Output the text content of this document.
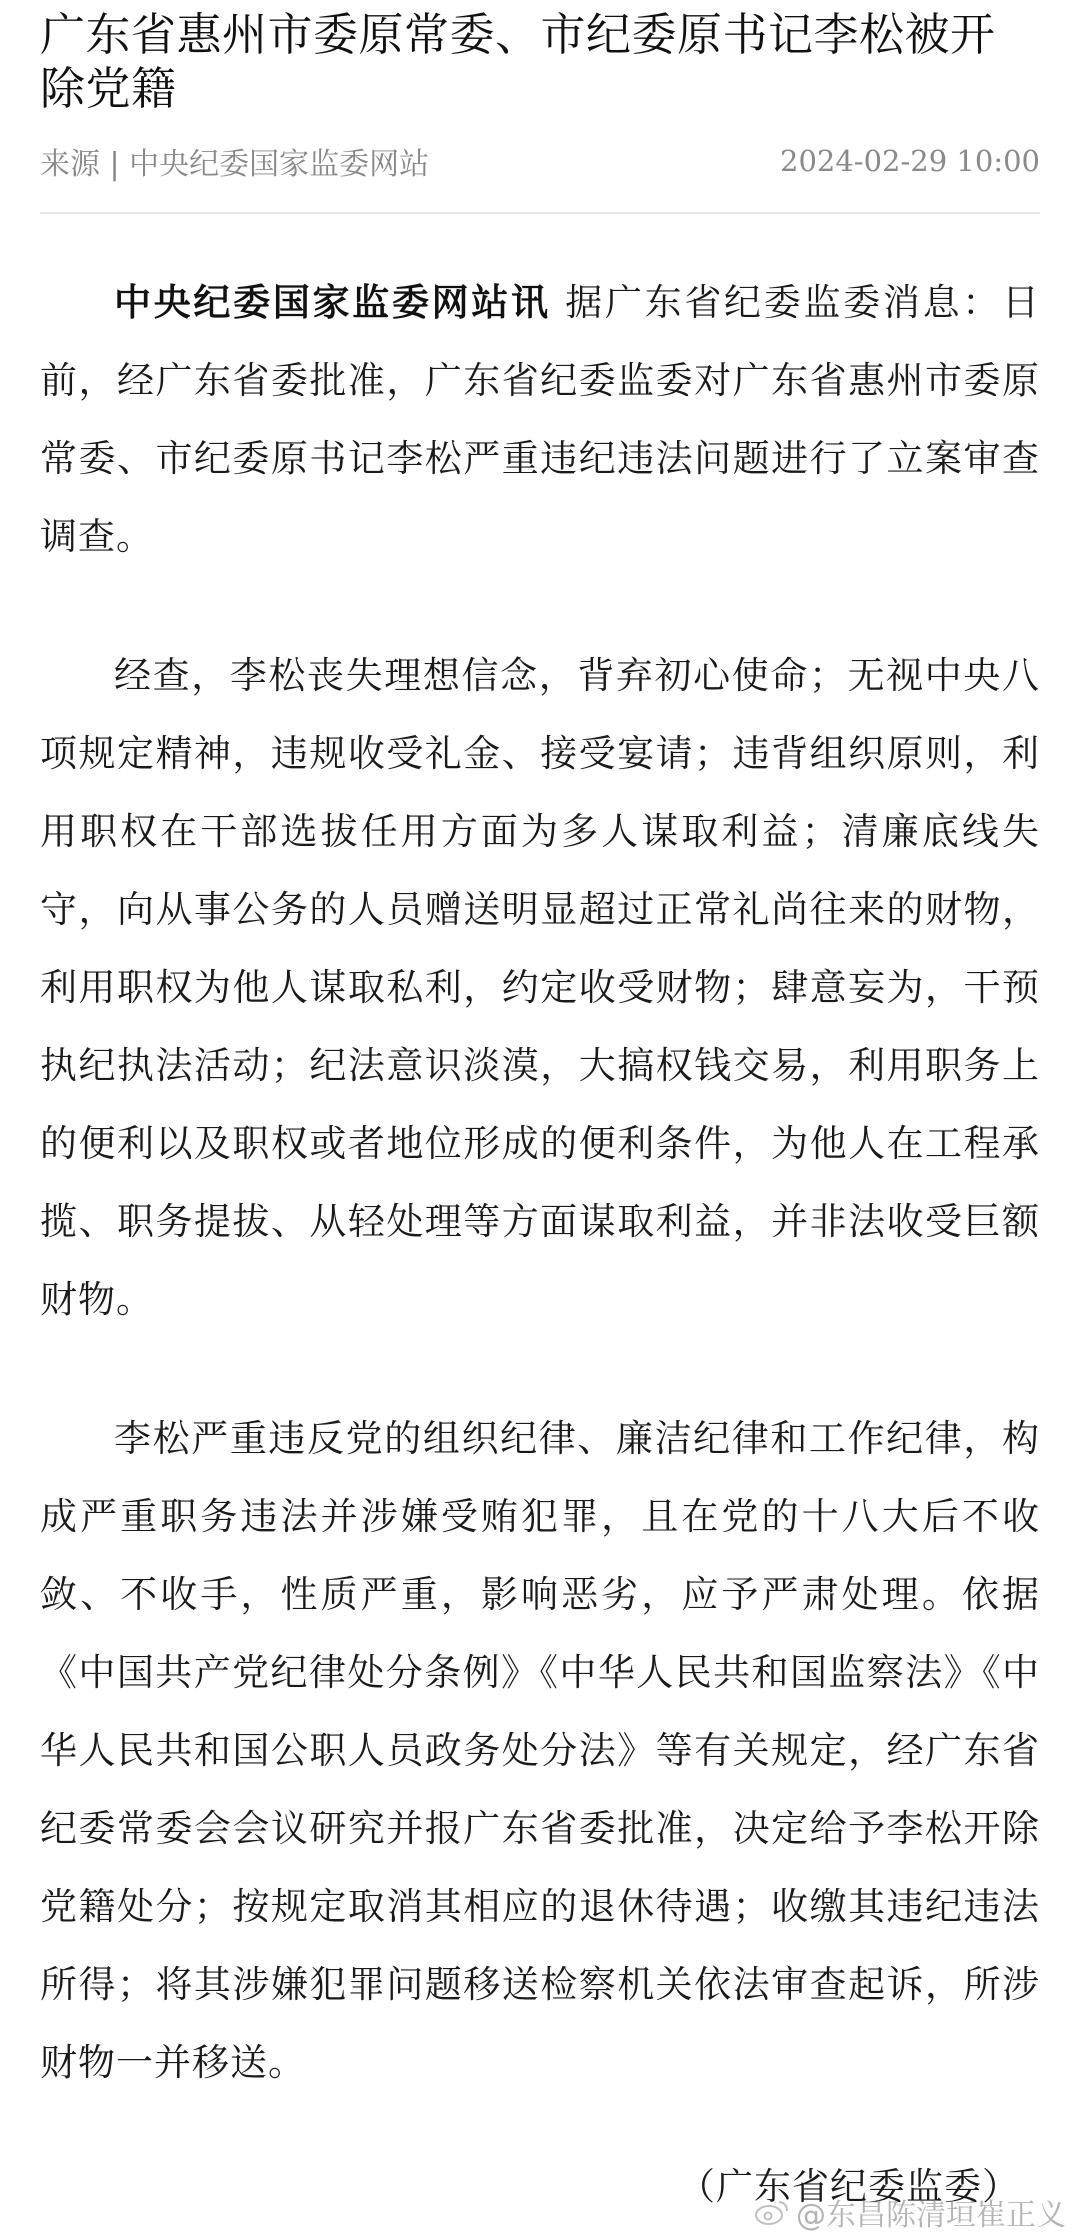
广东省惠州市委原常委、市纪委原书记李松被开除党籍
来源 | 中央纪委国家监委网站	2024-02-29 10:00

中央纪委国家监委网站讯 据广东省纪委监委消息：日前，经广东省委批准，广东省纪委监委对广东省惠州市委原常委、市纪委原书记李松严重违纪违法问题进行了立案审查调查。

经查，李松丧失理想信念，背弃初心使命；无视中央八项规定精神，违规收受礼金、接受宴请；违背组织原则，利用职权在干部选拔任用方面为多人谋取利益；清廉底线失守，向从事公务的人员赠送明显超过正常礼尚往来的财物，利用职权为他人谋取私利，约定收受财物；肆意妄为，干预执纪执法活动；纪法意识淡漠，大搞权钱交易，利用职务上的便利以及职权或者地位形成的便利条件，为他人在工程承揽、职务提拔、从轻处理等方面谋取利益，并非法收受巨额财物。

李松严重违反党的组织纪律、廉洁纪律和工作纪律，构成严重职务违法并涉嫌受贿犯罪，且在党的十八大后不收敛、不收手，性质严重，影响恶劣，应予严肃处理。依据《中国共产党纪律处分条例》《中华人民共和国监察法》《中华人民共和国公职人员政务处分法》等有关规定，经广东省纪委常委会会议研究并报广东省委批准，决定给予李松开除党籍处分；按规定取消其相应的退休待遇；收缴其违纪违法所得；将其涉嫌犯罪问题移送检察机关依法审查起诉，所涉财物一并移送。

（广东省纪委监委）
@东昌陈清垣崔正义
